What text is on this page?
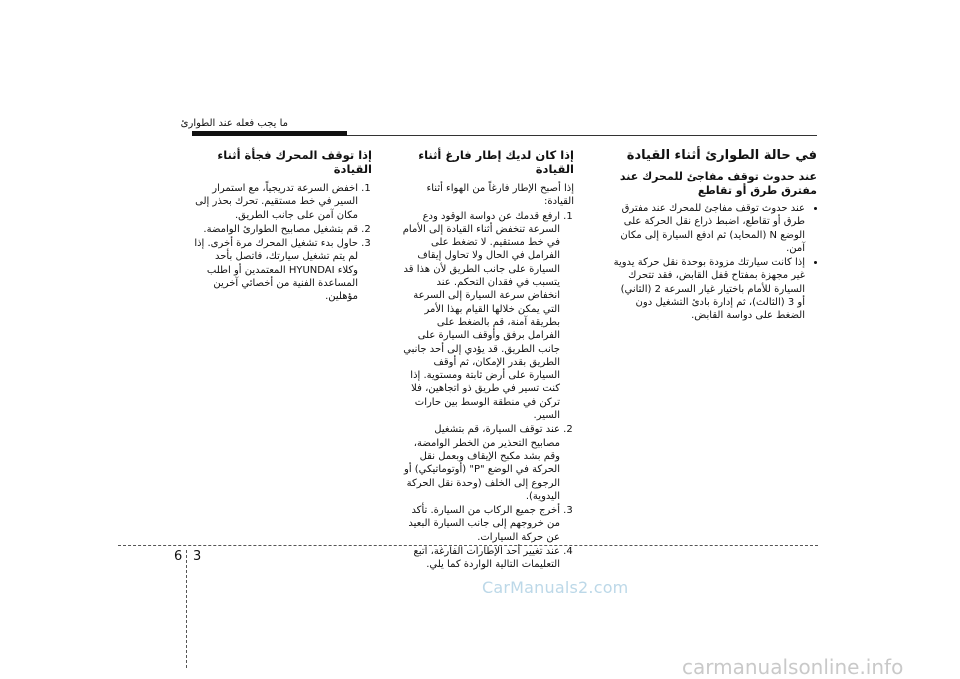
ما يجب فعله عند الطوارئ
في حالة الطوارئ أثناء القيادة
عند حدوث توقف مفاجئ للمحرك عند مفترق طرق أو تقاطع
• عند حدوث توقف مفاجئ للمحرك عند مفترق طرق أو تقاطع، اضبط ذراع نقل الحركة على الوضع N (المحايد) ثم ادفع السيارة إلى مكان آمن.
• إذا كانت سيارتك مزودة بوحدة نقل حركة يدوية غير مجهزة بمفتاح قفل القابض، فقد تتحرك السيارة للأمام باختيار غيار السرعة 2 (الثاني) أو 3 (الثالث)، ثم إدارة بادئ التشغيل دون الضغط على دواسة القابض.
إذا كان لديك إطار فارغ أثناء القيادة

إذا أصبح الإطار فارغاً من الهواء أثناء القيادة:

1. ارفع قدمك عن دواسة الوقود ودع السرعة تنخفض أثناء القيادة إلى الأمام في خط مستقيم. لا تضغط على الفرامل في الحال ولا تحاول إيقاف السيارة على جانب الطريق لأن هذا قد يتسبب في فقدان التحكم. عند انخفاض سرعة السيارة إلى السرعة التي يمكن خلالها القيام بهذا الأمر بطريقة آمنة، قم بالضغط على الفرامل برفق وأوقف السيارة على جانب الطريق. قد يؤدي إلى أحد جانبي الطريق بقدر الإمكان، ثم أوقف السيارة على أرض ثابتة ومستوية. إذا كنت تسير في طريق ذو اتجاهين، فلا تركن في منطقة الوسط بين حارات السير.
2. عند توقف السيارة، قم بتشغيل مصابيح التحذير من الخطر الوامضة، وقم بشد مكبح الإيقاف وبعمل نقل الحركة في الوضع "P" (أوتوماتيكي) أو الرجوع إلى الخلف (وحدة نقل الحركة اليدوية).
3. أخرج جميع الركاب من السيارة. تأكد من خروجهم إلى جانب السيارة البعيد عن حركة السيارات.
4. عند تغيير أحد الإطارات الفارغة، اتبع التعليمات التالية الواردة كما يلي.
إذا توقف المحرك فجأة أثناء القيادة
1. اخفض السرعة تدريجياً، مع استمرار السير في خط مستقيم. تحرك بحذر إلى مكان آمن على جانب الطريق.
2. قم بتشغيل مصابيح الطوارئ الوامضة.
3. حاول بدء تشغيل المحرك مرة أخرى. إذا لم يتم تشغيل سيارتك، فاتصل بأحد وكلاء HYUNDAI المعتمدين أو اطلب المساعدة الفنية من أخصائي آخرين مؤهلين.
6 3
CarManuals2.com
carmanualsonline.info
